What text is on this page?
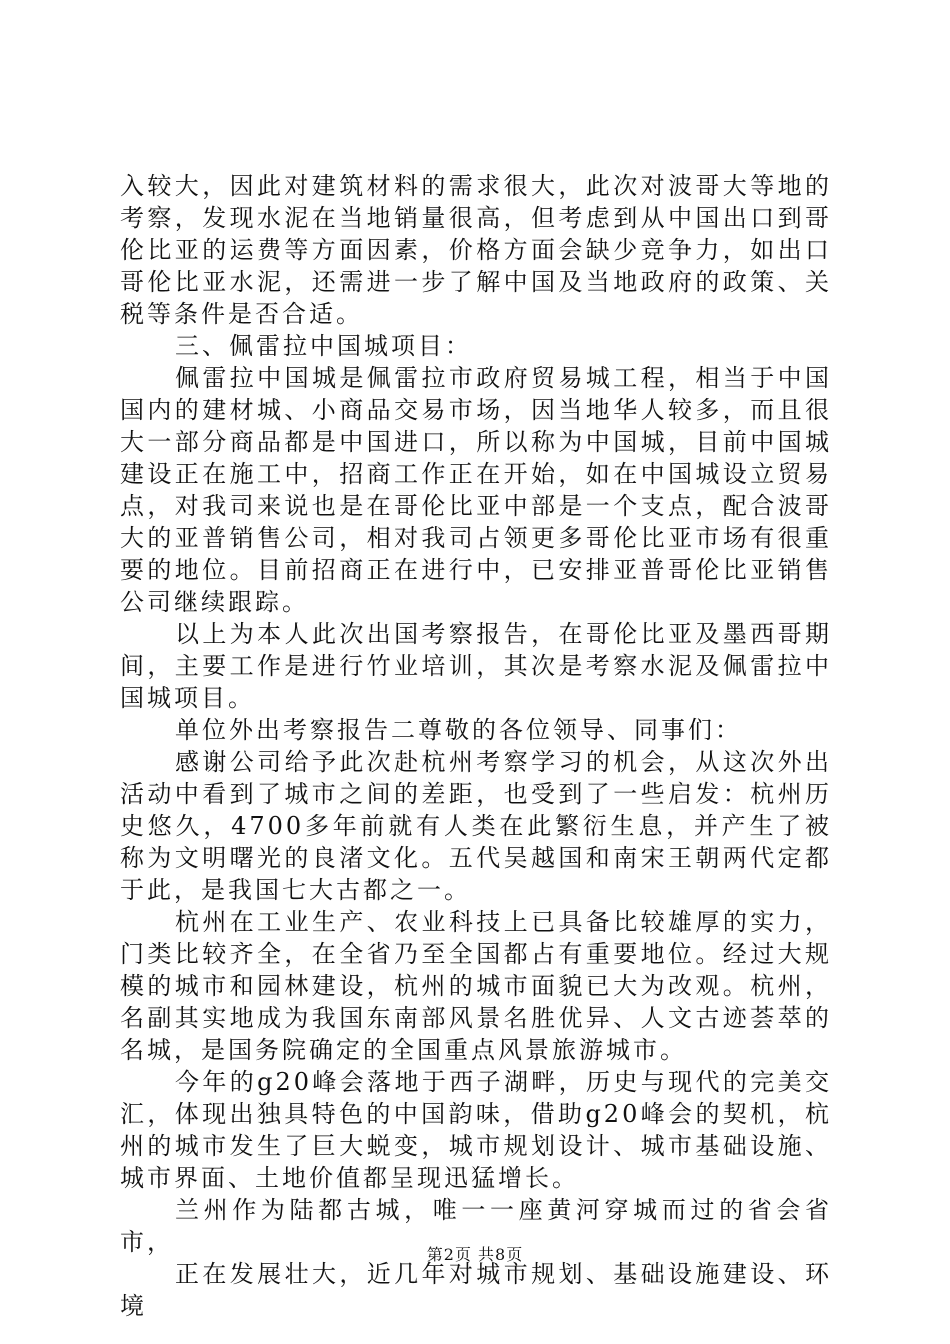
入较大，因此对建筑材料的需求很大，此次对波哥大等地的考察，发现水泥在当地销量很高，但考虑到从中国出口到哥伦比亚的运费等方面因素，价格方面会缺少竞争力，如出口哥伦比亚水泥，还需进一步了解中国及当地政府的政策、关税等条件是否合适。

三、佩雷拉中国城项目：

佩雷拉中国城是佩雷拉市政府贸易城工程，相当于中国国内的建材城、小商品交易市场，因当地华人较多，而且很大一部分商品都是中国进口，所以称为中国城，目前中国城建设正在施工中，招商工作正在开始，如在中国城设立贸易点，对我司来说也是在哥伦比亚中部是一个支点，配合波哥大的亚普销售公司，相对我司占领更多哥伦比亚市场有很重要的地位。目前招商正在进行中，已安排亚普哥伦比亚销售公司继续跟踪。

以上为本人此次出国考察报告，在哥伦比亚及墨西哥期间，主要工作是进行竹业培训，其次是考察水泥及佩雷拉中国城项目。

单位外出考察报告二尊敬的各位领导、同事们：

感谢公司给予此次赴杭州考察学习的机会，从这次外出活动中看到了城市之间的差距，也受到了一些启发：杭州历史悠久，4700多年前就有人类在此繁衍生息，并产生了被称为文明曙光的良渚文化。五代吴越国和南宋王朝两代定都于此，是我国七大古都之一。

杭州在工业生产、农业科技上已具备比较雄厚的实力，门类比较齐全，在全省乃至全国都占有重要地位。经过大规模的城市和园林建设，杭州的城市面貌已大为改观。杭州，名副其实地成为我国东南部风景名胜优异、人文古迹荟萃的名城，是国务院确定的全国重点风景旅游城市。

今年的g20峰会落地于西子湖畔，历史与现代的完美交汇，体现出独具特色的中国韵味，借助g20峰会的契机，杭州的城市发生了巨大蜕变，城市规划设计、城市基础设施、城市界面、土地价值都呈现迅猛增长。

兰州作为陆都古城，唯一一座黄河穿城而过的省会省市，

正在发展壮大，近几年对城市规划、基础设施建设、环境

第2页 共8页
